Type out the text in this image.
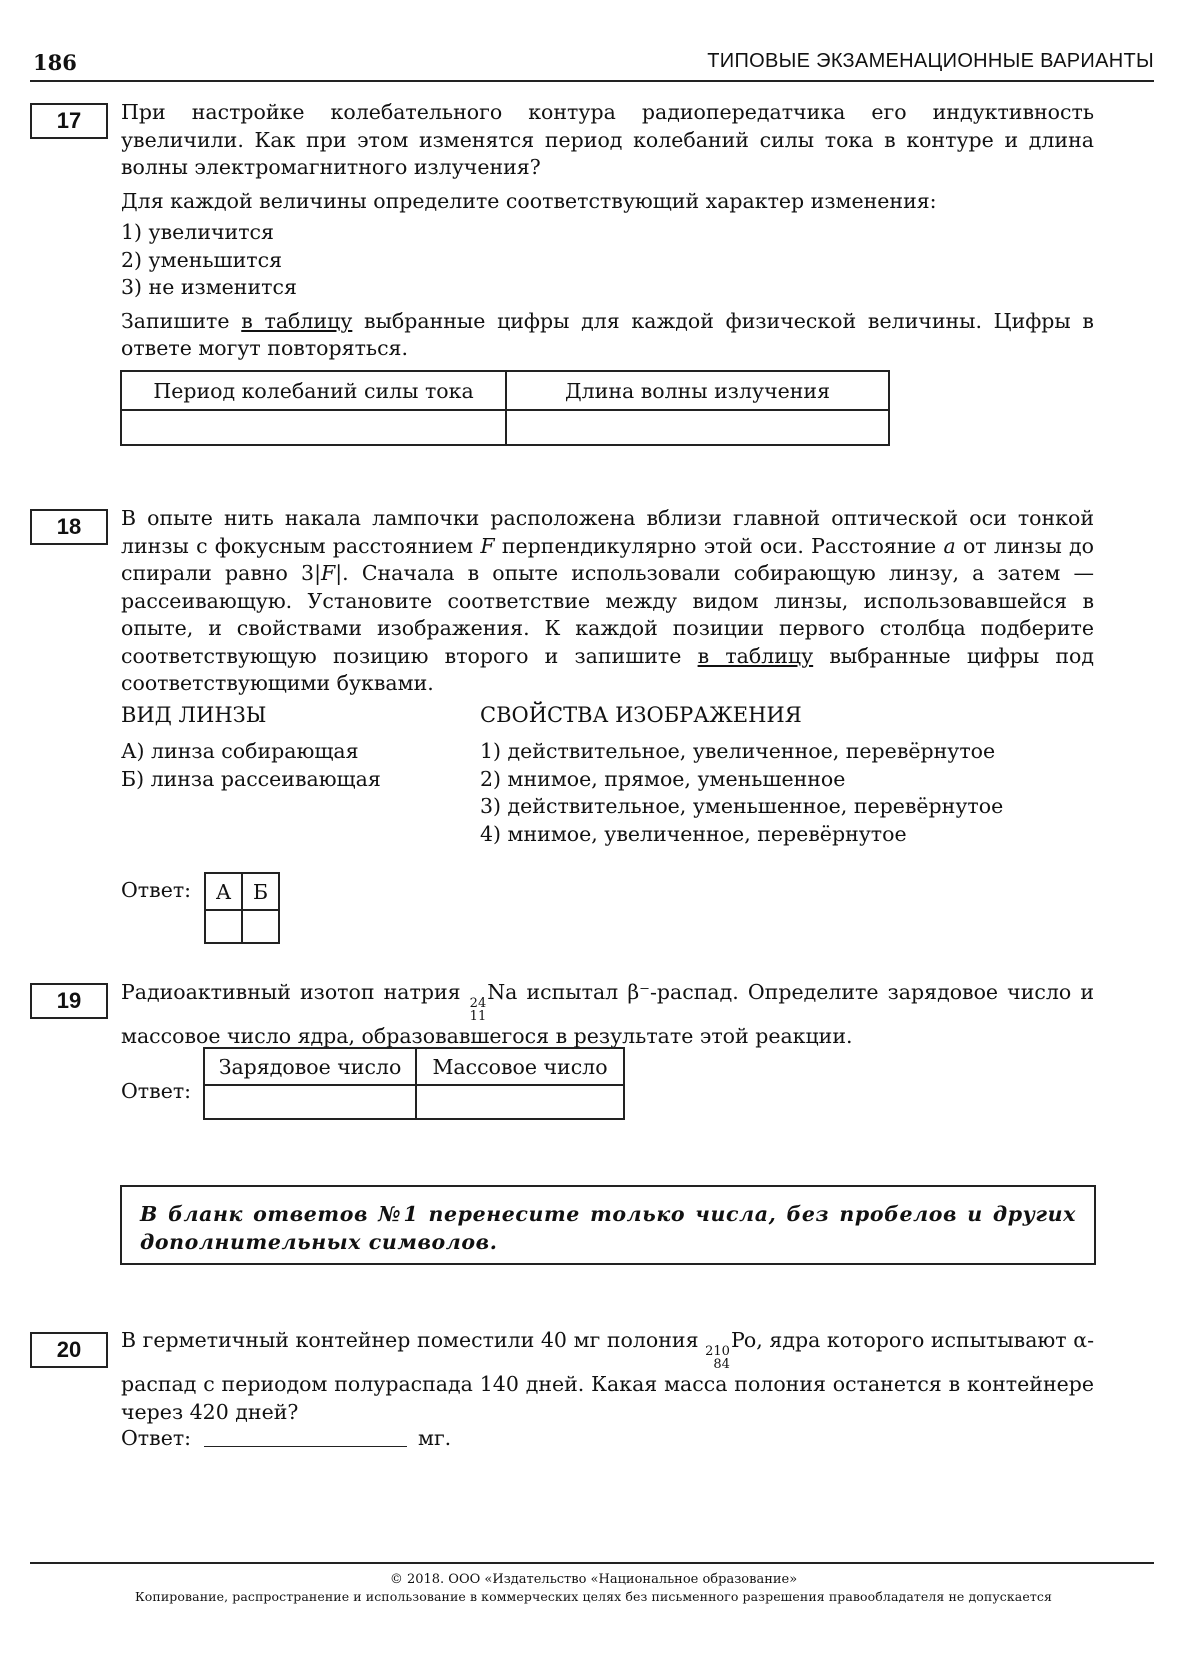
186	ТИПОВЫЕ ЭКЗАМЕНАЦИОННЫЕ ВАРИАНТЫ
17	При настройке колебательного контура радиопередатчика его индуктивность увеличили. Как при этом изменятся период колебаний силы тока в контуре и длина волны электромагнитного излучения?

Для каждой величины определите соответствующий характер изменения:

1) увеличится

2) уменьшится

3) не изменится

Запишите в таблицу выбранные цифры для каждой физической величины. Цифры в ответе могут повторяться.

Период колебаний силы тока	Длина волны излучения

18	В опыте нить накала лампочки расположена вблизи главной оптической оси тонкой линзы с фокусным расстоянием F перпендикулярно этой оси. Расстояние a от линзы до спирали равно 3|F|. Сначала в опыте использовали собирающую линзу, а затем — рассеивающую. Установите соответствие между видом линзы, использовавшейся в опыте, и свойствами изображения. К каждой позиции первого столбца подберите соответствующую позицию второго и запишите в таблицу выбранные цифры под соответствующими буквами.

ВИД ЛИНЗЫ

А) линза собирающая

Б) линза рассеивающая

СВОЙСТВА ИЗОБРАЖЕНИЯ

1) действительное, увеличенное, перевёрнутое

2) мнимое, прямое, уменьшенное

3) действительное, уменьшенное, перевёрнутое

4) мнимое, увеличенное, перевёрнутое

Ответ: А	Б

19	Радиоактивный изотоп натрия 24
11
Na испытал β⁻-распад. Определите зарядовое число и массовое число ядра, образовавшегося в результате этой реакции.

Ответ:
Зарядовое число	Массовое число

В бланк ответов №1 перенесите только числа, без пробелов и других дополнительных символов.
20	В герметичный контейнер поместили 40 мг полония 210
84
Po, ядра которого испытывают α-распад с периодом полураспада 140 дней. Какая масса полония останется в контейнере через 420 дней?

Ответ:	мг.
© 2018. ООО «Издательство «Национальное образование»
Копирование, распространение и использование в коммерческих целях без письменного разрешения правообладателя не допускается
